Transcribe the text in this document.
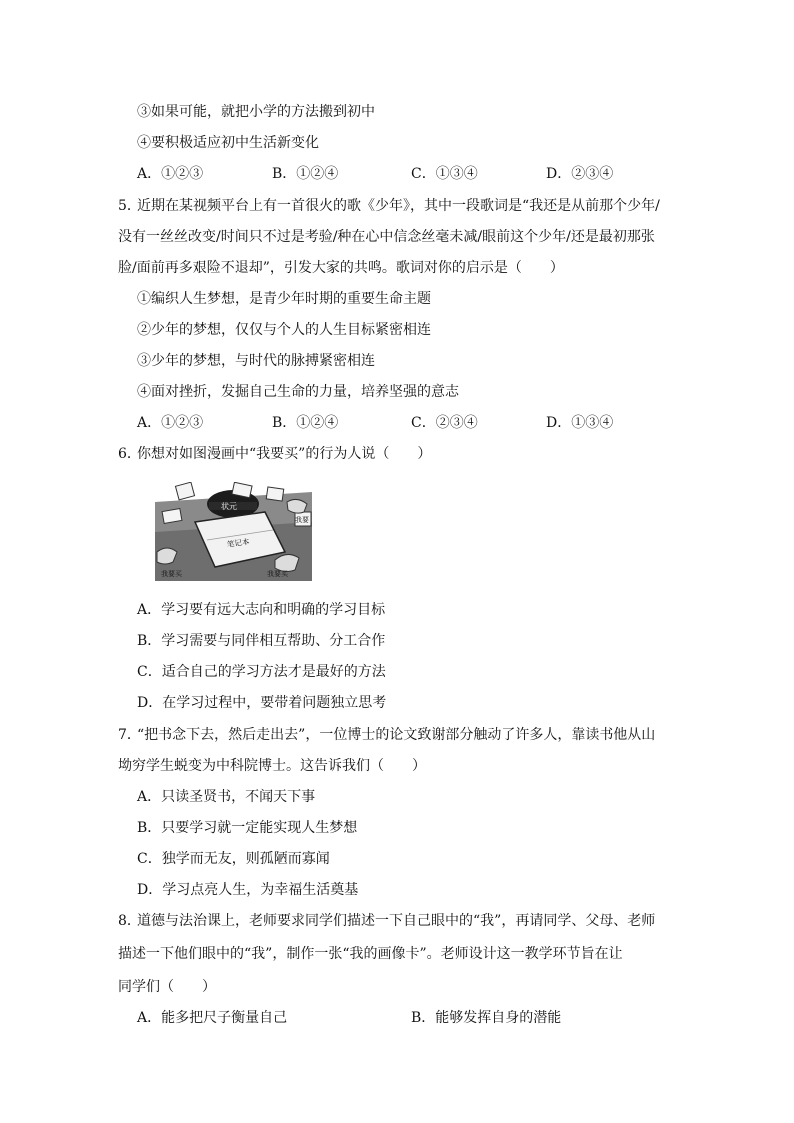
③如果可能，就把小学的方法搬到初中
④要积极适应初中生活新变化
A．①②③	B．①②④	C．①③④	D．②③④
5．
近期在某视频平台上有一首很火的歌《少年》，其中一段歌词是“我还是从前那个少年/
没有一丝丝改变/时间只不过是考验/种在心中信念丝毫未减/眼前这个少年/还是最初那张
脸/面前再多艰险不退却”，引发大家的共鸣。歌词对你的启示是（　　）
①编织人生梦想，是青少年时期的重要生命主题
②少年的梦想，仅仅与个人的人生目标紧密相连
③少年的梦想，与时代的脉搏紧密相连
④面对挫折，发掘自己生命的力量，培养坚强的意志
A．①②③	B．①②④	C．②③④	D．①③④
6．
你想对如图漫画中“我要买”的行为人说（　　）
状元
笔记本
我要
我要买	我要买
A．学习要有远大志向和明确的学习目标
B．学习需要与同伴相互帮助、分工合作
C．适合自己的学习方法才是最好的方法
D．在学习过程中，要带着问题独立思考
7．
“把书念下去，然后走出去”，一位博士的论文致谢部分触动了许多人，靠读书他从山
坳穷学生蜕变为中科院博士。这告诉我们（　　）
A．只读圣贤书，不闻天下事
B．只要学习就一定能实现人生梦想
C．独学而无友，则孤陋而寡闻
D．学习点亮人生，为幸福生活奠基
8．
道德与法治课上，老师要求同学们描述一下自己眼中的“我”，再请同学、父母、老师
描述一下他们眼中的“我”，制作一张“我的画像卡”。老师设计这一教学环节旨在让
同学们（　　）
A．能多把尺子衡量自己	B．能够发挥自身的潜能
